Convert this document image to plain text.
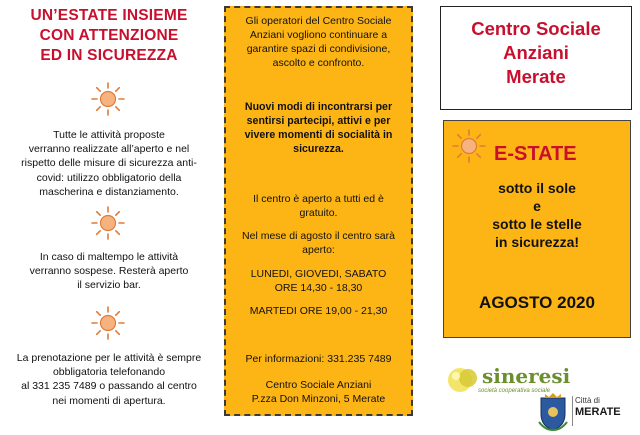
UN’ESTATE INSIEME
CON ATTENZIONE
ED IN SICUREZZA
Tutte le attività proposte
verranno realizzate all’aperto e nel
rispetto delle misure di sicurezza anti-
covid: utilizzo obbligatorio della
mascherina e distanziamento.
In caso di maltempo le attività
verranno sospese. Resterà aperto
il servizio bar.
La prenotazione per le attività è sempre
obbligatoria telefonando
al 331 235 7489 o passando al centro
nei momenti di apertura.
Gli operatori del Centro Sociale
Anziani vogliono continuare a
garantire spazi di condivisione,
ascolto e confronto.
Nuovi modi di incontrarsi per
sentirsi partecipi, attivi e per
vivere momenti di socialità in
sicurezza.
Il centro è aperto a tutti ed è
gratuito.
Nel mese di agosto il centro sarà
aperto:
LUNEDI, GIOVEDI, SABATO
ORE 14,30 - 18,30
MARTEDI ORE 19,00 - 21,30
Per informazioni: 331.235 7489
Centro Sociale Anziani
P.zza Don Minzoni, 5 Merate
Centro Sociale
Anziani
Merate
E-STATE
sotto il sole
e
sotto le stelle
in sicurezza!
AGOSTO 2020
sineresi
società cooperativa sociale
Città di
MERATE
